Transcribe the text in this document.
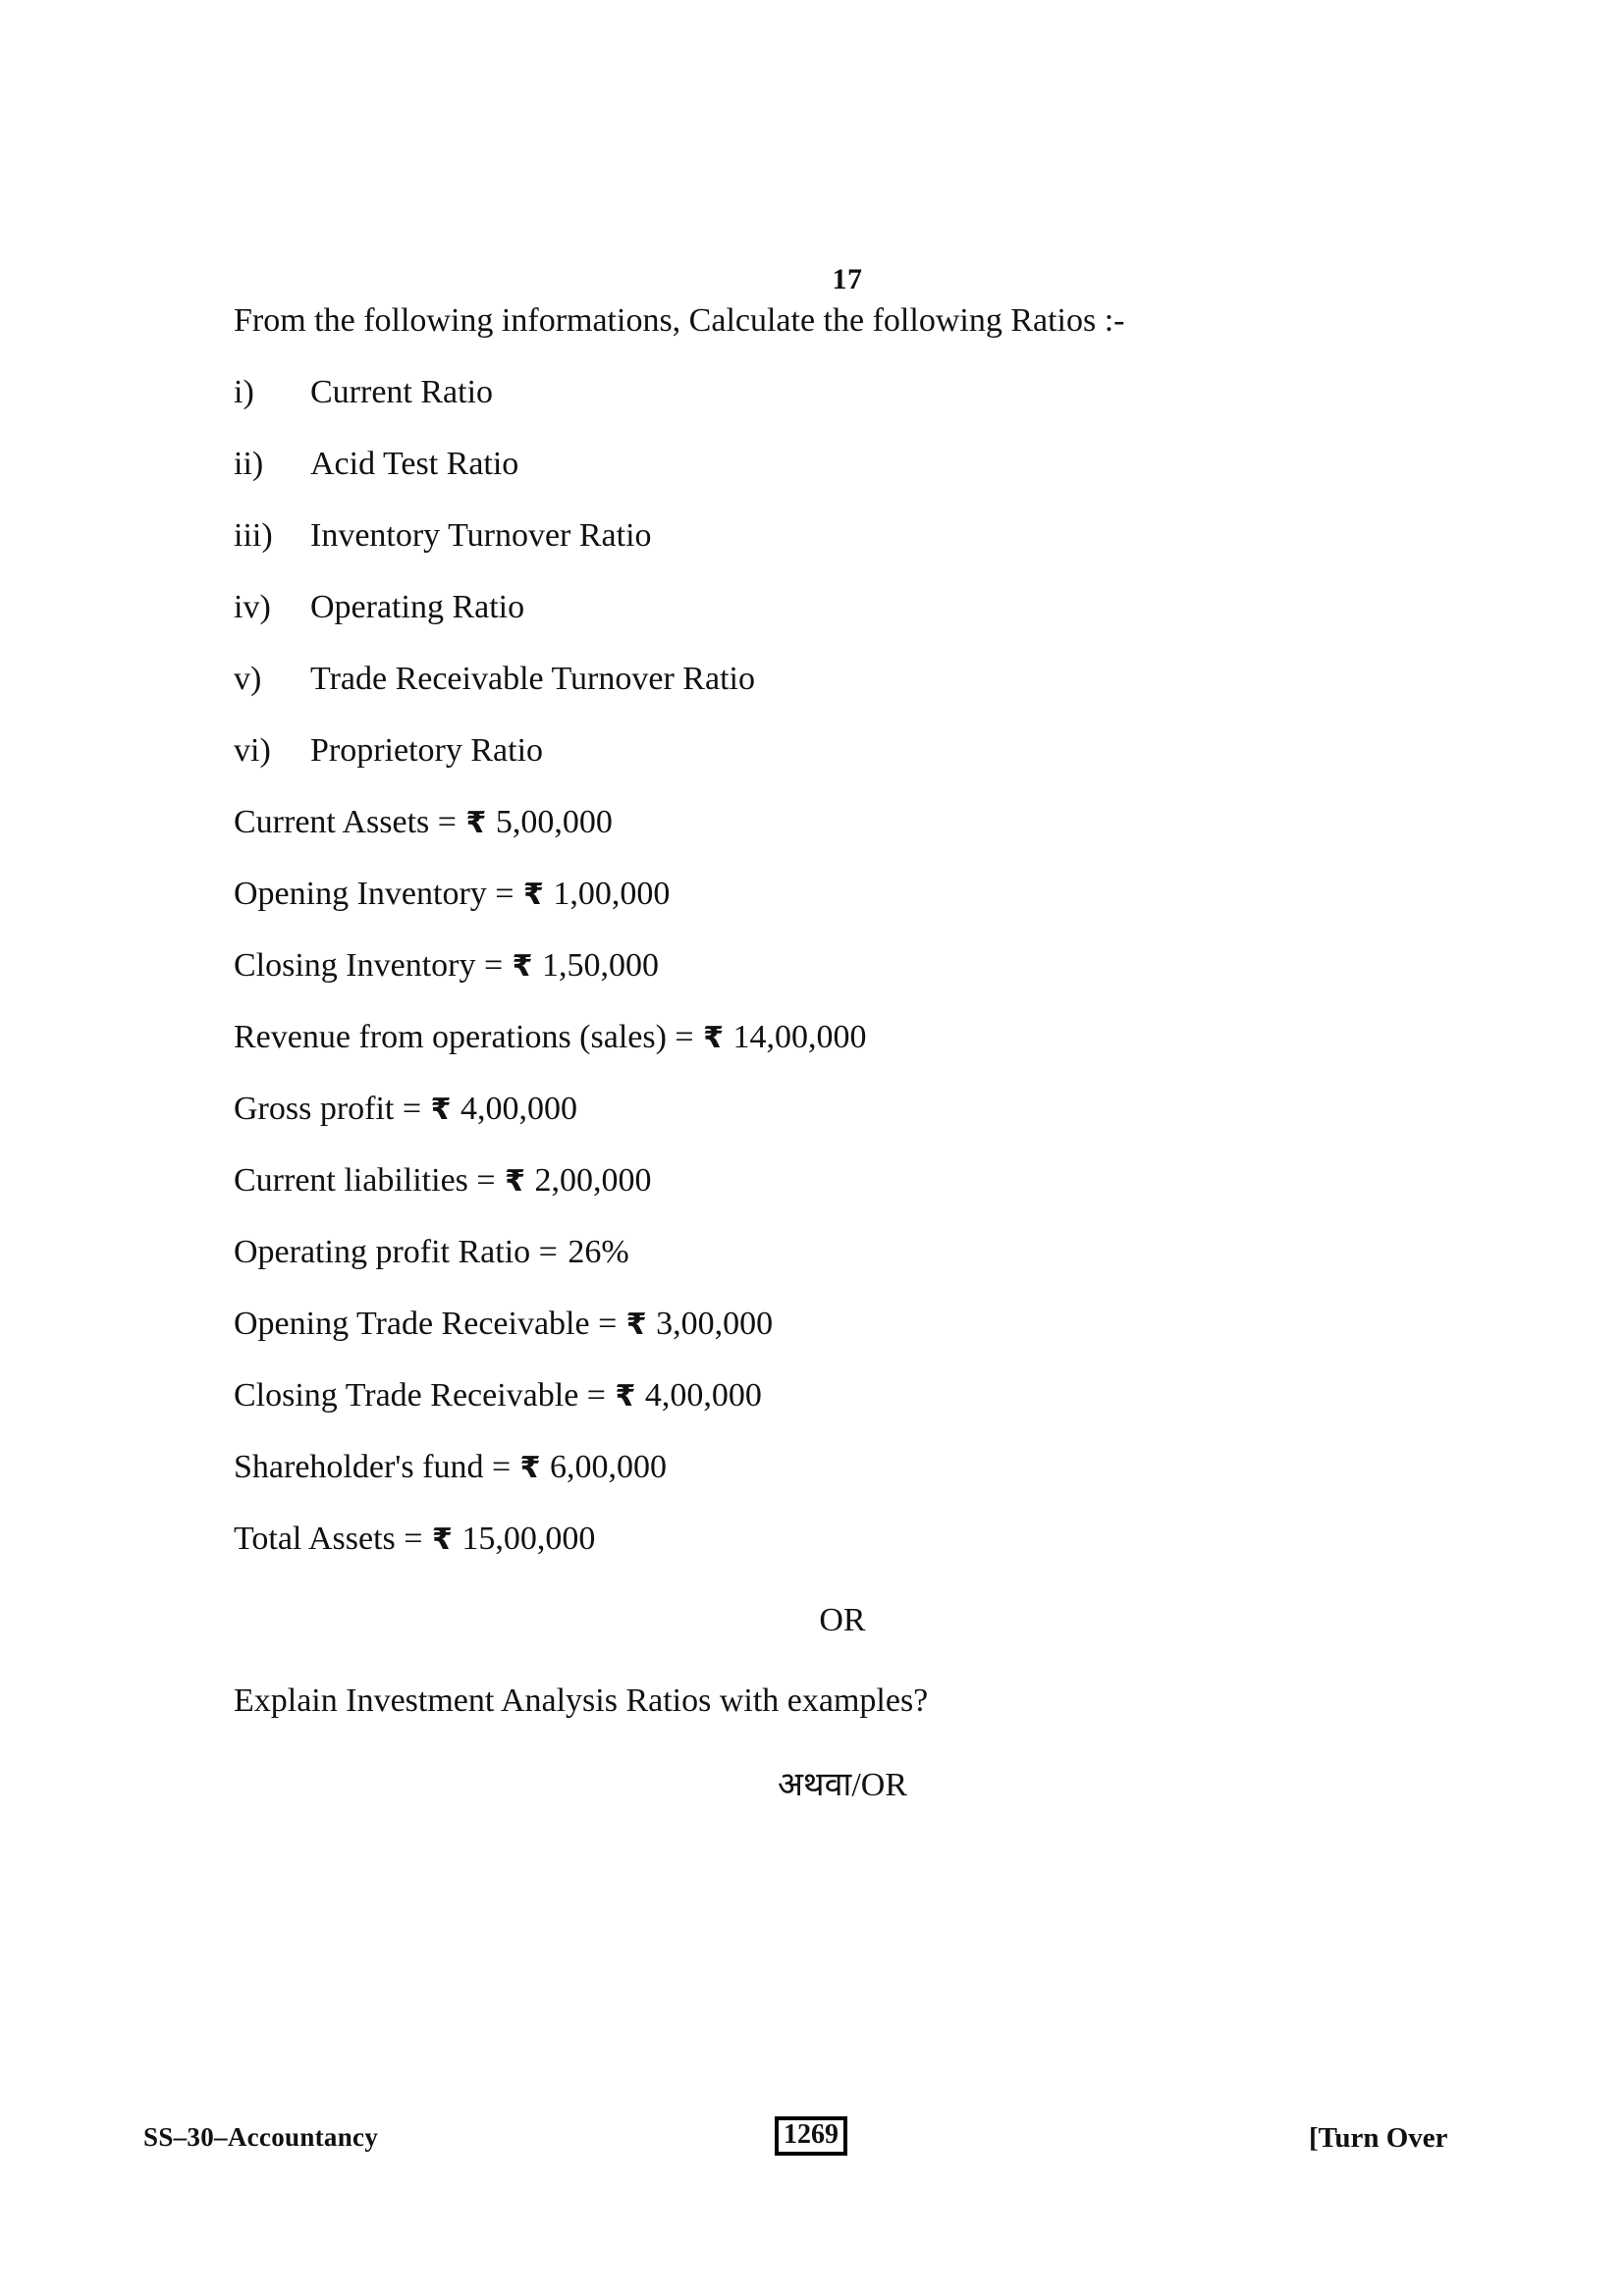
17

From the following informations, Calculate the following Ratios :-

i)	Current Ratio
ii)	Acid Test Ratio
iii)	Inventory Turnover Ratio
iv)	Operating Ratio
v)	Trade Receivable Turnover Ratio
vi)	Proprietory Ratio
Current Assets = ₹ 5,00,000
Opening Inventory = ₹ 1,00,000
Closing Inventory = ₹ 1,50,000
Revenue from operations (sales) = ₹ 14,00,000
Gross profit = ₹ 4,00,000
Current liabilities = ₹ 2,00,000
Operating profit Ratio = 26%
Opening Trade Receivable = ₹ 3,00,000
Closing Trade Receivable = ₹ 4,00,000
Shareholder's fund = ₹ 6,00,000
Total Assets = ₹ 15,00,000
OR

Explain Investment Analysis Ratios with examples?

अथवा/OR
SS–30–Accountancy	1269	[Turn Over
